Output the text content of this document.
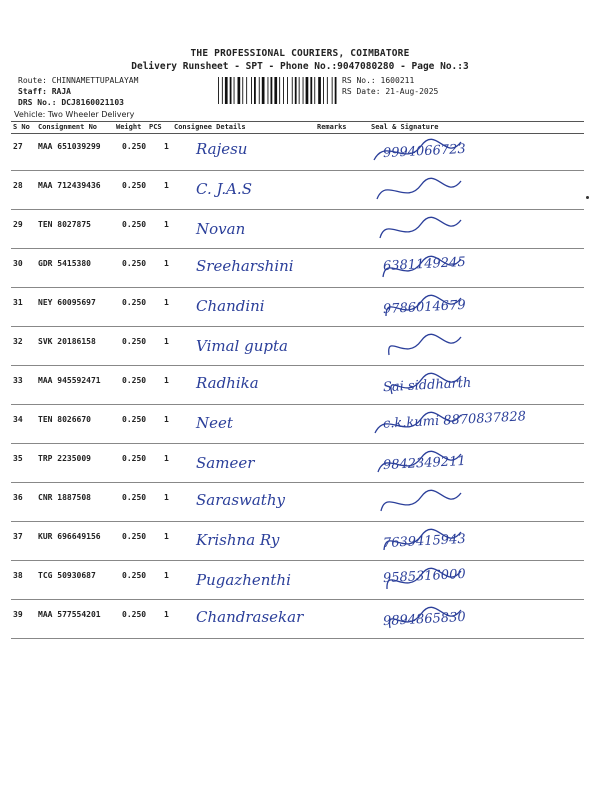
THE PROFESSIONAL COURIERS, COIMBATORE
Delivery Runsheet - SPT - Phone No.:9047080280 - Page No.:3
Route: CHINNAMETTUPALAYAM
Staff: RAJA
DRS No.: DCJ8160021103
RS No.: 1600211
RS Date: 21-Aug-2025
Vehicle: Two Wheeler Delivery
S No Consignment No	Weight PCS Consignee Details	Remarks	Seal & Signature
27 MAA 651039299	0.250 1 Rajesu	9994066723
28 MAA 712439436	0.250 1 C. J.A.S
29 TEN 8027875	0.250 1 Novan
30 GDR 5415380	0.250 1 Sreeharshini	6381149245
31 NEY 60095697	0.250 1 Chandini	9786014679
32 SVK 20186158	0.250 1 Vimal gupta
33 MAA 945592471	0.250 1 Radhika	Sai siddharth
34 TEN 8026670	0.250 1 Neet	c.k.kumi 8870837828
35 TRP 2235009	0.250 1 Sameer	9842349211
36 CNR 1887508	0.250 1 Saraswathy
37 KUR 696649156	0.250 1 Krishna Ry	7639415943
38 TCG 50930687	0.250 1 Pugazhenthi	9585316000
39 MAA 577554201	0.250 1 Chandrasekar	9894865830
